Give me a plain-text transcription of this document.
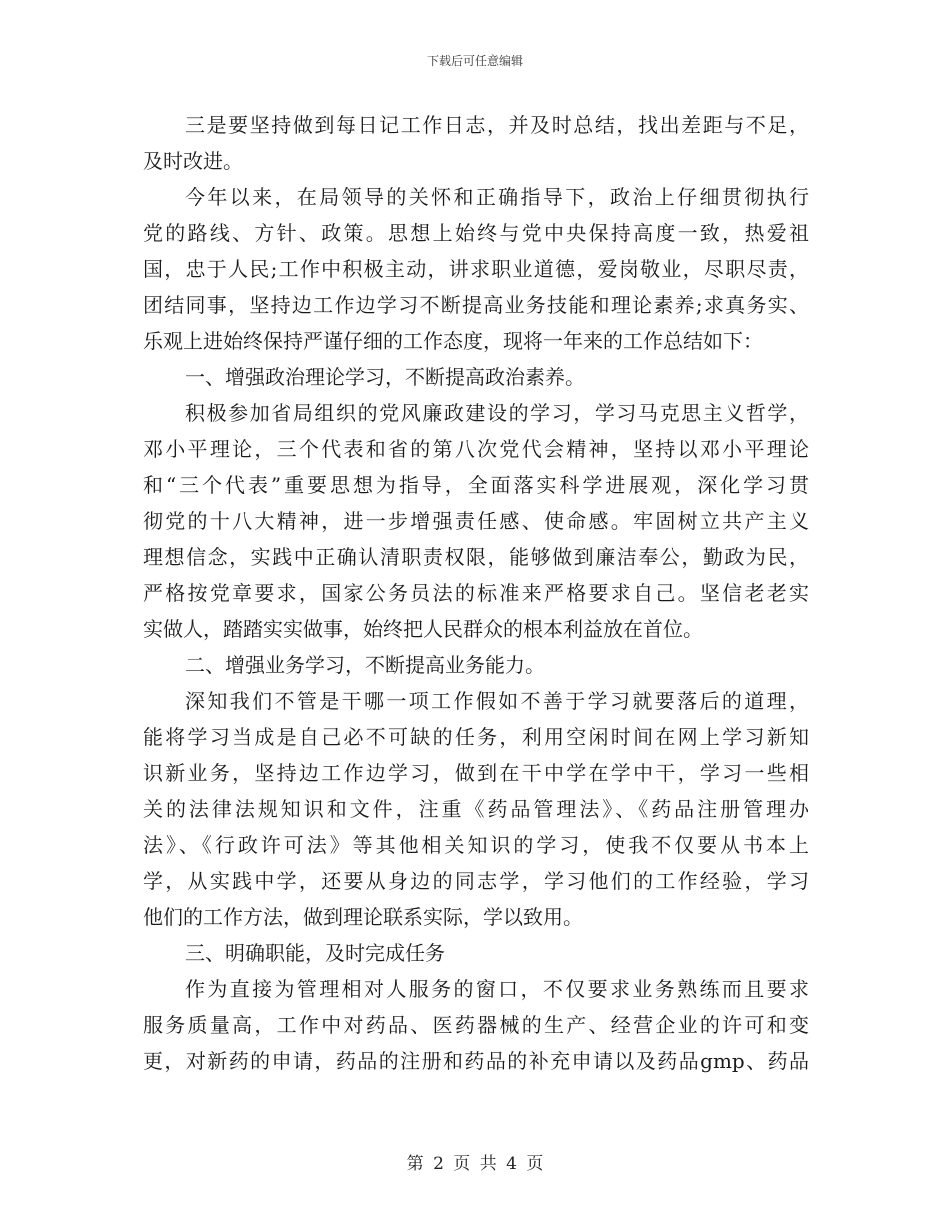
下载后可任意编辑
三是要坚持做到每日记工作日志，并及时总结，找出差距与不足，
及时改进。
今年以来，在局领导的关怀和正确指导下，政治上仔细贯彻执行
党的路线、方针、政策。思想上始终与党中央保持高度一致，热爱祖
国，忠于人民;工作中积极主动，讲求职业道德，爱岗敬业，尽职尽责，
团结同事，坚持边工作边学习不断提高业务技能和理论素养;求真务实、
乐观上进始终保持严谨仔细的工作态度，现将一年来的工作总结如下：
一、增强政治理论学习，不断提高政治素养。
积极参加省局组织的党风廉政建设的学习，学习马克思主义哲学，
邓小平理论，三个代表和省的第八次党代会精神，坚持以邓小平理论
和“三个代表”重要思想为指导，全面落实科学进展观，深化学习贯
彻党的十八大精神，进一步增强责任感、使命感。牢固树立共产主义
理想信念，实践中正确认清职责权限，能够做到廉洁奉公，勤政为民，
严格按党章要求，国家公务员法的标准来严格要求自己。坚信老老实
实做人，踏踏实实做事，始终把人民群众的根本利益放在首位。
二、增强业务学习，不断提高业务能力。
深知我们不管是干哪一项工作假如不善于学习就要落后的道理，
能将学习当成是自己必不可缺的任务，利用空闲时间在网上学习新知
识新业务，坚持边工作边学习，做到在干中学在学中干，学习一些相
关的法律法规知识和文件，注重《药品管理法》、《药品注册管理办
法》、《行政许可法》等其他相关知识的学习，使我不仅要从书本上
学，从实践中学，还要从身边的同志学，学习他们的工作经验，学习
他们的工作方法，做到理论联系实际，学以致用。
三、明确职能，及时完成任务
作为直接为管理相对人服务的窗口，不仅要求业务熟练而且要求
服务质量高，工作中对药品、医药器械的生产、经营企业的许可和变
更，对新药的申请，药品的注册和药品的补充申请以及药品gmp、药品
第 2 页 共 4 页
